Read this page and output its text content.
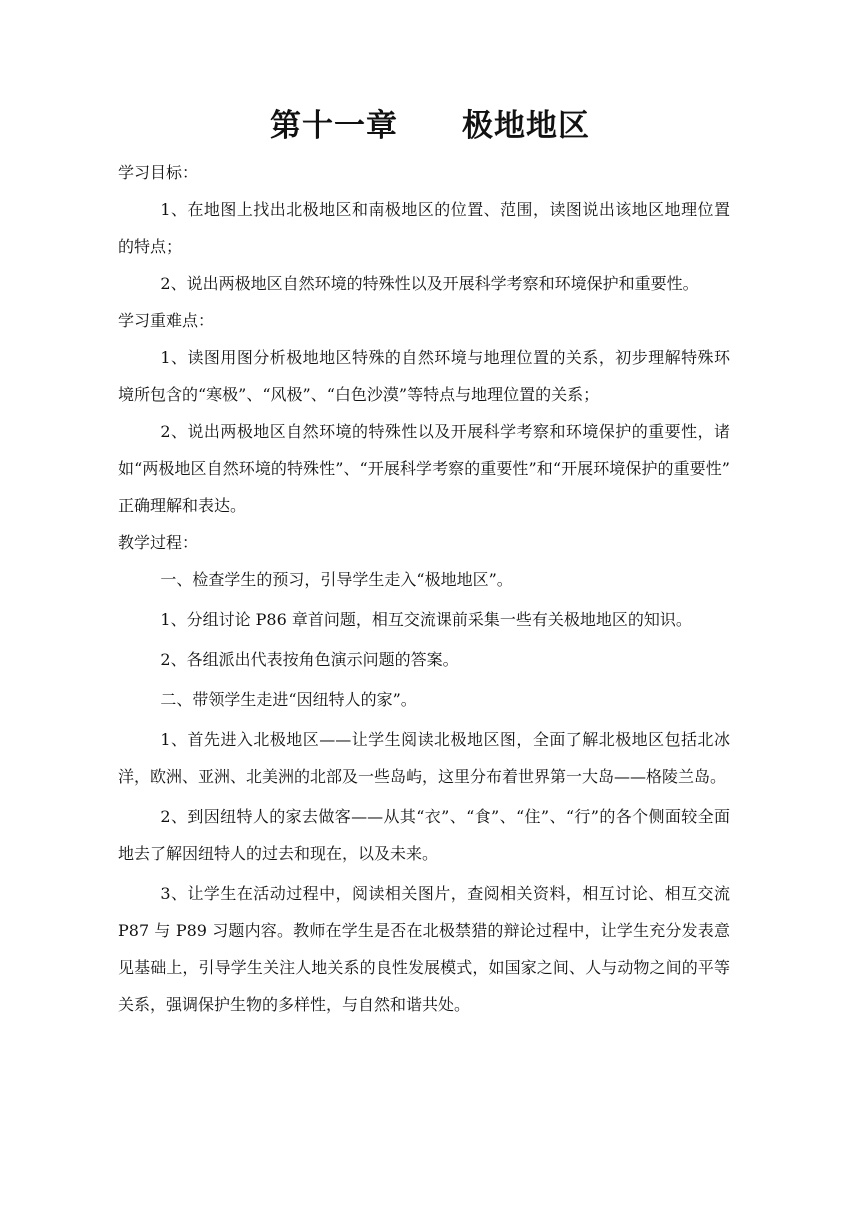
第十一章　　极地地区

学习目标：

1、在地图上找出北极地区和南极地区的位置、范围，读图说出该地区地理位置的特点；

2、说出两极地区自然环境的特殊性以及开展科学考察和环境保护和重要性。

学习重难点：

1、读图用图分析极地地区特殊的自然环境与地理位置的关系，初步理解特殊环境所包含的“寒极”、“风极”、“白色沙漠”等特点与地理位置的关系；

2、说出两极地区自然环境的特殊性以及开展科学考察和环境保护的重要性，诸如“两极地区自然环境的特殊性”、“开展科学考察的重要性”和“开展环境保护的重要性”　正确理解和表达。

教学过程：

一、检查学生的预习，引导学生走入“极地地区”。

1、分组讨论 P86 章首问题，相互交流课前采集一些有关极地地区的知识。

2、各组派出代表按角色演示问题的答案。

二、带领学生走进“因纽特人的家”。

1、首先进入北极地区——让学生阅读北极地区图，全面了解北极地区包括北冰洋，欧洲、亚洲、北美洲的北部及一些岛屿，这里分布着世界第一大岛——格陵兰岛。

2、到因纽特人的家去做客——从其“衣”、“食”、“住”、“行”的各个侧面较全面地去了解因纽特人的过去和现在，以及未来。

3、让学生在活动过程中，阅读相关图片，查阅相关资料，相互讨论、相互交流 P87 与 P89 习题内容。教师在学生是否在北极禁猎的辩论过程中，让学生充分发表意见基础上，引导学生关注人地关系的良性发展模式，如国家之间、人与动物之间的平等关系，强调保护生物的多样性，与自然和谐共处。
